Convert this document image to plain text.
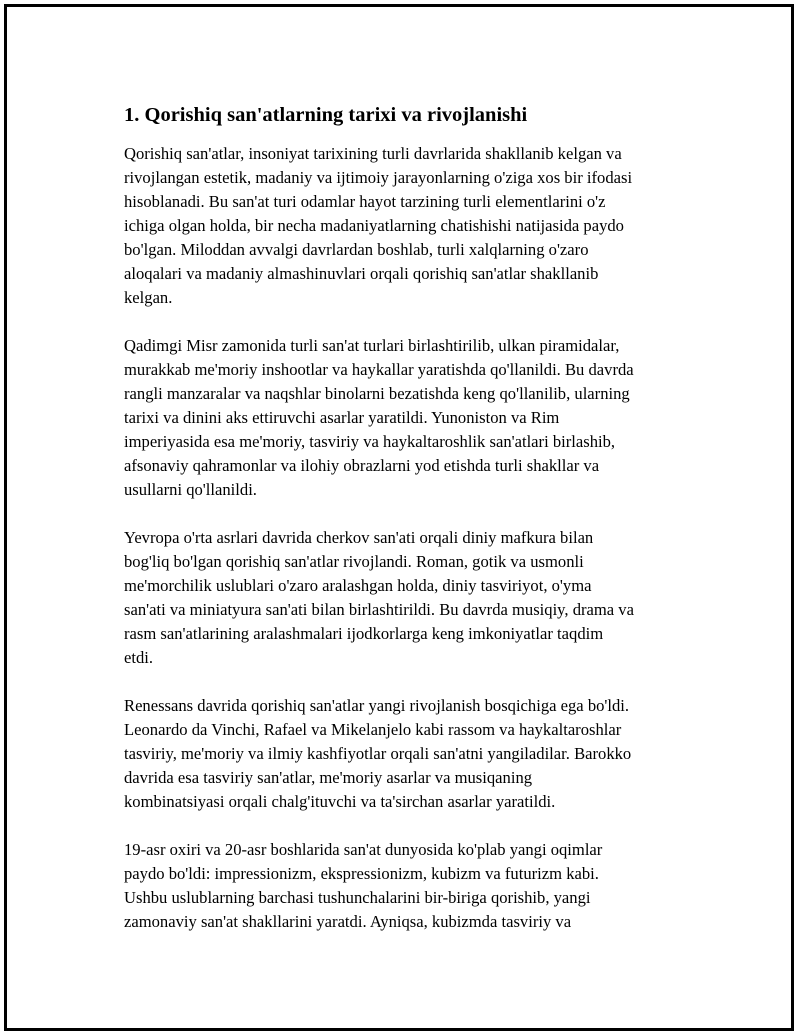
1. Qorishiq san'atlarning tarixi va rivojlanishi

Qorishiq san'atlar, insoniyat tarixining turli davrlarida shakllanib kelgan va
rivojlangan estetik, madaniy va ijtimoiy jarayonlarning o'ziga xos bir ifodasi
hisoblanadi. Bu san'at turi odamlar hayot tarzining turli elementlarini o'z
ichiga olgan holda, bir necha madaniyatlarning chatishishi natijasida paydo
bo'lgan. Miloddan avvalgi davrlardan boshlab, turli xalqlarning o'zaro
aloqalari va madaniy almashinuvlari orqali qorishiq san'atlar shakllanib
kelgan.

Qadimgi Misr zamonida turli san'at turlari birlashtirilib, ulkan piramidalar,
murakkab me'moriy inshootlar va haykallar yaratishda qo'llanildi. Bu davrda
rangli manzaralar va naqshlar binolarni bezatishda keng qo'llanilib, ularning
tarixi va dinini aks ettiruvchi asarlar yaratildi. Yunoniston va Rim
imperiyasida esa me'moriy, tasviriy va haykaltaroshlik san'atlari birlashib,
afsonaviy qahramonlar va ilohiy obrazlarni yod etishda turli shakllar va
usullarni qo'llanildi.

Yevropa o'rta asrlari davrida cherkov san'ati orqali diniy mafkura bilan
bog'liq bo'lgan qorishiq san'atlar rivojlandi. Roman, gotik va usmonli
me'morchilik uslublari o'zaro aralashgan holda, diniy tasviriyot, o'yma
san'ati va miniatyura san'ati bilan birlashtirildi. Bu davrda musiqiy, drama va
rasm san'atlarining aralashmalari ijodkorlarga keng imkoniyatlar taqdim
etdi.

Renessans davrida qorishiq san'atlar yangi rivojlanish bosqichiga ega bo'ldi.
Leonardo da Vinchi, Rafael va Mikelanjelo kabi rassom va haykaltaroshlar
tasviriy, me'moriy va ilmiy kashfiyotlar orqali san'atni yangiladilar. Barokko
davrida esa tasviriy san'atlar, me'moriy asarlar va musiqaning
kombinatsiyasi orqali chalg'ituvchi va ta'sirchan asarlar yaratildi.

19-asr oxiri va 20-asr boshlarida san'at dunyosida ko'plab yangi oqimlar
paydo bo'ldi: impressionizm, ekspressionizm, kubizm va futurizm kabi.
Ushbu uslublarning barchasi tushunchalarini bir-biriga qorishib, yangi
zamonaviy san'at shakllarini yaratdi. Ayniqsa, kubizmda tasviriy va
